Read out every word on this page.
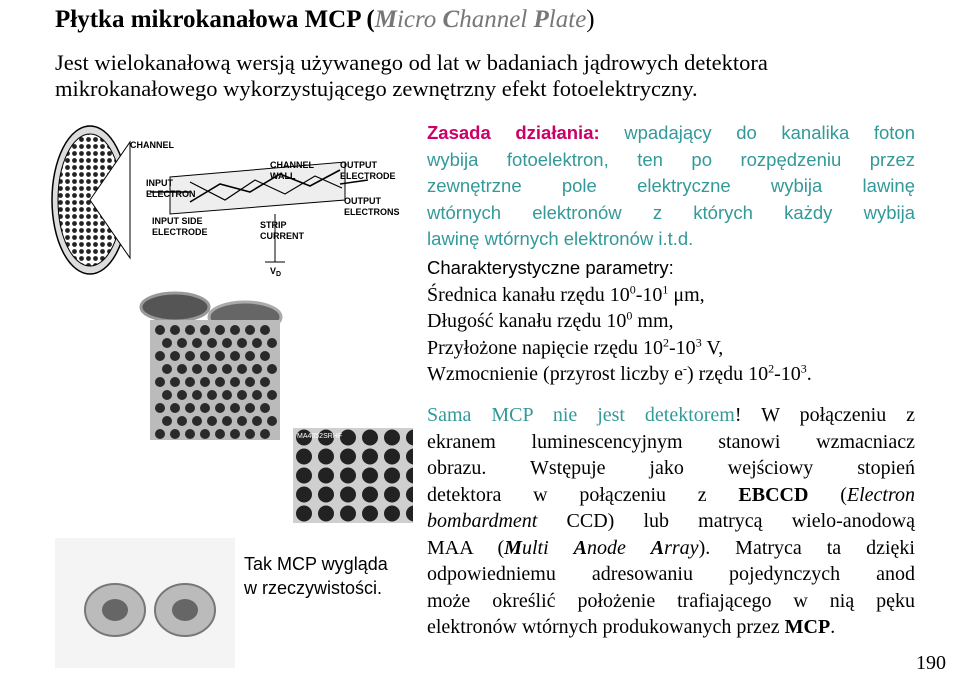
Płytka mikrokanałowa MCP (Micro Channel Plate)
Jest wielokanałową wersją używanego od lat w badaniach jądrowych detektora
mikrokanałowego wykorzystującego zewnętrzny efekt fotoelektryczny.
CHANNEL
CHANNEL
WALL
OUTPUT
ELECTRODE
INPUT
ELECTRON
INPUT SIDE
ELECTRODE
OUTPUT
ELECTRONS
STRIP
CURRENT
$V_D$
MA4052SRHF
Tak MCP wygląda
w rzeczywistości.
Zasada działania: wpadający do kanalika foton
wybija fotoelektron, ten po rozpędzeniu przez
zewnętrzne pole elektryczne wybija lawinę
wtórnych elektronów z których każdy wybija
lawinę wtórnych elektronów i.t.d.
Charakterystyczne parametry:
Średnica kanału rzędu $10^0-10^1$ μm,
Długość kanału rzędu $10^0$ mm,
Przyłożone napięcie rzędu $10^2-10^3$ V,
Wzmocnienie (przyrost liczby e-) rzędu $10^2-10^3$.
Sama MCP nie jest detektorem! W połączeniu z
ekranem luminescencyjnym stanowi wzmacniacz
obrazu. Wstępuje jako wejściowy stopień
detektora w połączeniu z EBCCD (Electron
bombardment CCD) lub matrycą wielo-anodową
MAA (Multi Anode Array). Matryca ta dzięki
odpowiedniemu adresowaniu pojedynczych anod
może określić położenie trafiającego w nią pęku
elektronów wtórnych produkowanych przez MCP.
190
